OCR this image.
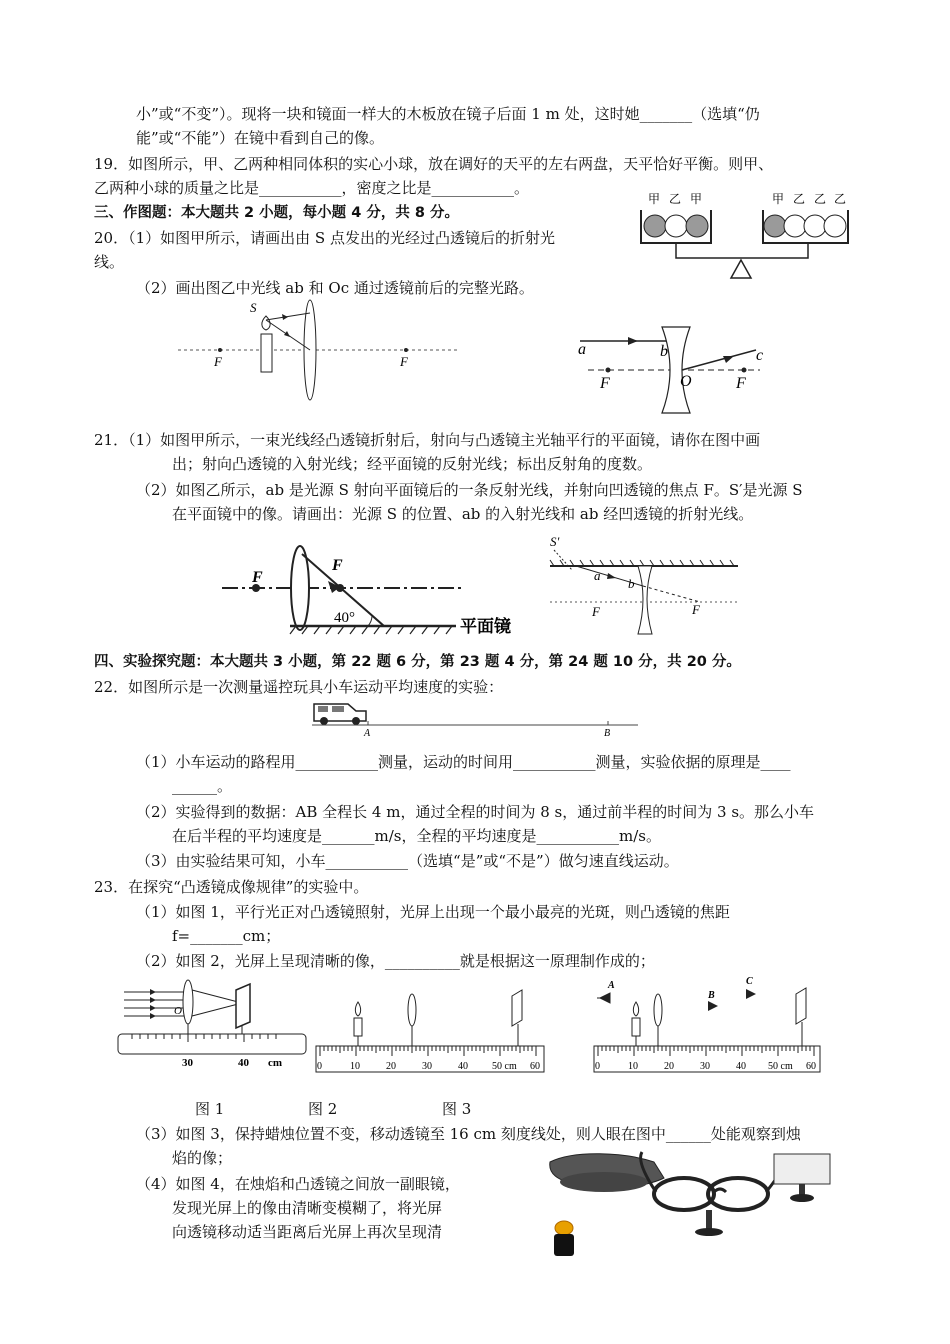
小”或“不变”）。现将一块和镜面一样大的木板放在镜子后面 1 m 处，这时她_______（选填“仍
能”或“不能”）在镜中看到自己的像。
19．如图所示，甲、乙两种相同体积的实心小球，放在调好的天平的左右两盘，天平恰好平衡。则甲、
乙两种小球的质量之比是___________，密度之比是___________。
三、作图题：本大题共 2 小题，每小题 4 分，共 8 分。
20．（1）如图甲所示，请画出由 S 点发出的光经过凸透镜后的折射光
线。
（2）画出图乙中光线 ab 和 Oc 通过透镜前后的完整光路。
21．（1）如图甲所示，一束光线经凸透镜折射后，射向与凸透镜主光轴平行的平面镜，请你在图中画
出；射向凸透镜的入射光线；经平面镜的反射光线；标出反射角的度数。
（2）如图乙所示，ab 是光源 S 射向平面镜后的一条反射光线，并射向凹透镜的焦点 F。S′是光源 S
在平面镜中的像。请画出：光源 S 的位置、ab 的入射光线和 ab 经凹透镜的折射光线。
四、实验探究题：本大题共 3 小题，第 22 题 6 分，第 23 题 4 分，第 24 题 10 分，共 20 分。
22．如图所示是一次测量遥控玩具小车运动平均速度的实验：
（1）小车运动的路程用___________测量，运动的时间用___________测量，实验依据的原理是____
______。
（2）实验得到的数据：AB 全程长 4 m，通过全程的时间为 8 s，通过前半程的时间为 3 s。那么小车
在后半程的平均速度是_______m/s，全程的平均速度是___________m/s。
（3）由实验结果可知，小车___________（选填“是”或“不是”）做匀速直线运动。
23．在探究“凸透镜成像规律”的实验中。
（1）如图 1，平行光正对凸透镜照射，光屏上出现一个最小最亮的光斑，则凸透镜的焦距
f=_______cm；
（2）如图 2，光屏上呈现清晰的像，__________就是根据这一原理制作成的；
图 1	图 2	图 3
（3）如图 3，保持蜡烛位置不变，移动透镜至 16 cm 刻度线处，则人眼在图中______处能观察到烛
焰的像；
（4）如图 4，在烛焰和凸透镜之间放一副眼镜，
发现光屏上的像由清晰变模糊了，将光屏
向透镜移动适当距离后光屏上再次呈现清
甲 乙 甲	甲 乙 乙 乙
S
F	F
a	b	c
F	O	F
F
F
40°	平面镜
S'
a
b
F	F
A	B
O
30	40 cm	0	10	20	30	40 50 cm 60
A
B
C
0	10	20	30	40 50 cm 60
